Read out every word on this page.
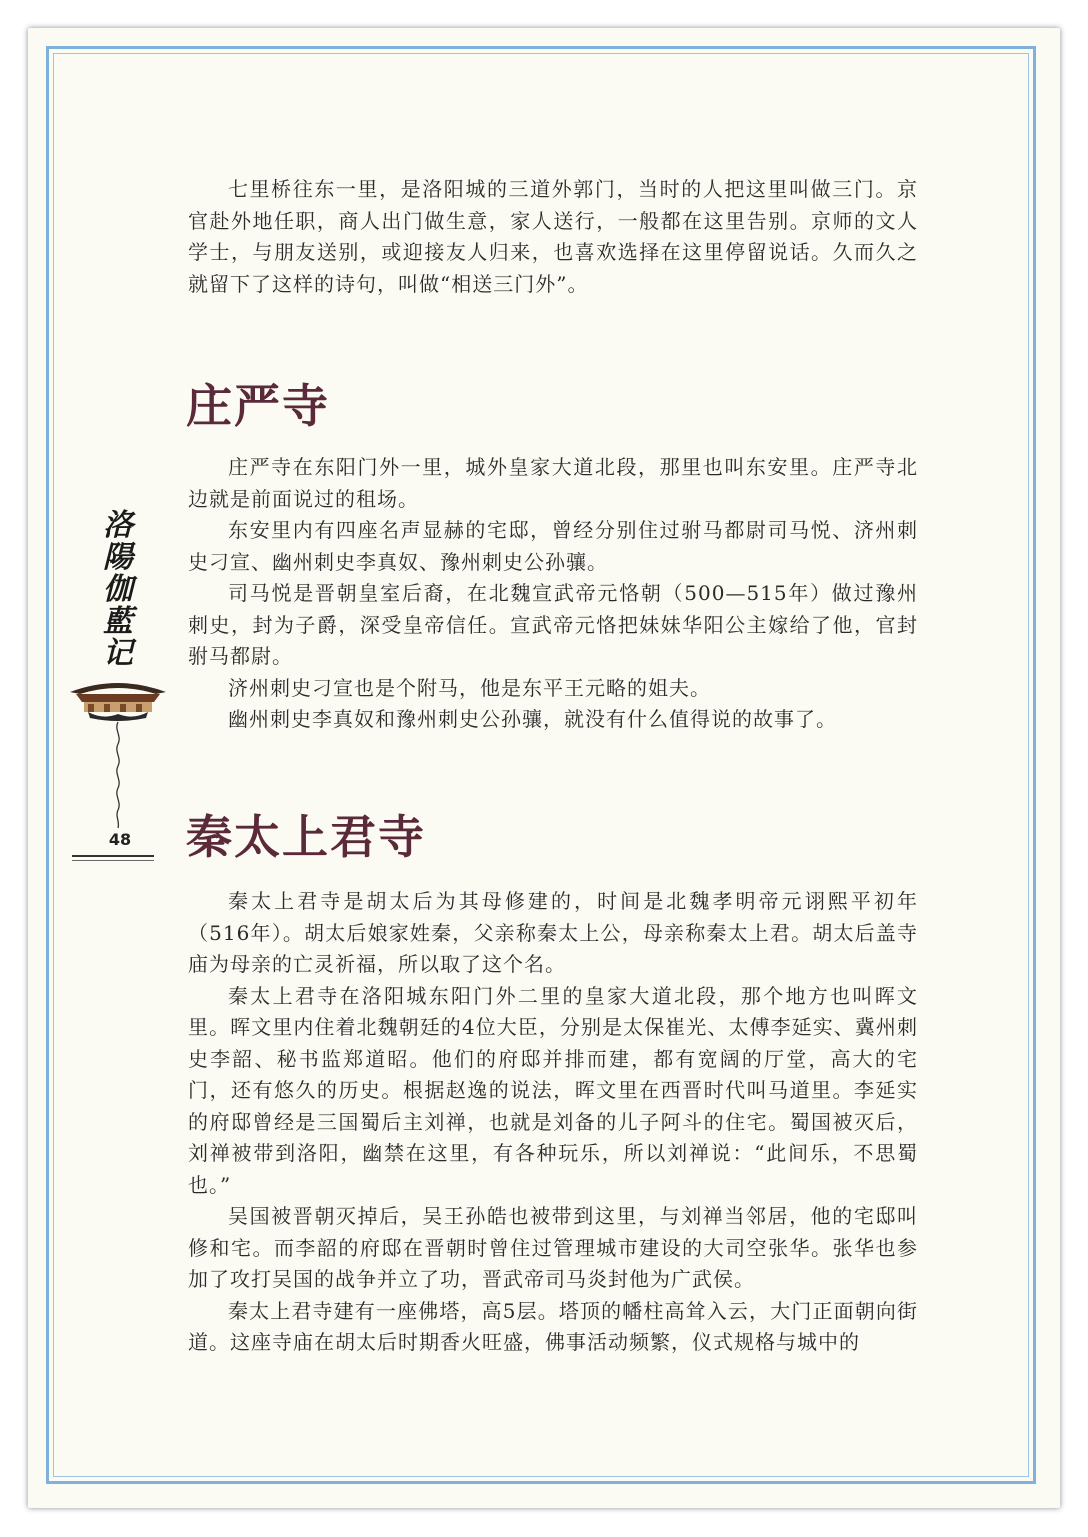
洛
陽
伽
藍
记
48

七里桥往东一里，是洛阳城的三道外郭门，当时的人把这里叫做三门。京官赴外地任职，商人出门做生意，家人送行，一般都在这里告别。京师的文人学士，与朋友送别，或迎接友人归来，也喜欢选择在这里停留说话。久而久之就留下了这样的诗句，叫做“相送三门外”。

庄严寺

庄严寺在东阳门外一里，城外皇家大道北段，那里也叫东安里。庄严寺北边就是前面说过的租场。

东安里内有四座名声显赫的宅邸，曾经分别住过驸马都尉司马悦、济州刺史刁宣、幽州刺史李真奴、豫州刺史公孙骧。

司马悦是晋朝皇室后裔，在北魏宣武帝元恪朝（500—515年）做过豫州刺史，封为子爵，深受皇帝信任。宣武帝元恪把妹妹华阳公主嫁给了他，官封驸马都尉。

济州刺史刁宣也是个附马，他是东平王元略的姐夫。

幽州刺史李真奴和豫州刺史公孙骧，就没有什么值得说的故事了。

秦太上君寺

秦太上君寺是胡太后为其母修建的，时间是北魏孝明帝元诩熙平初年（516年）。胡太后娘家姓秦，父亲称秦太上公，母亲称秦太上君。胡太后盖寺庙为母亲的亡灵祈福，所以取了这个名。

秦太上君寺在洛阳城东阳门外二里的皇家大道北段，那个地方也叫晖文里。晖文里内住着北魏朝廷的4位大臣，分别是太保崔光、太傅李延实、冀州刺史李韶、秘书监郑道昭。他们的府邸并排而建，都有宽阔的厅堂，高大的宅门，还有悠久的历史。根据赵逸的说法，晖文里在西晋时代叫马道里。李延实的府邸曾经是三国蜀后主刘禅，也就是刘备的儿子阿斗的住宅。蜀国被灭后，刘禅被带到洛阳，幽禁在这里，有各种玩乐，所以刘禅说：“此间乐，不思蜀也。”

吴国被晋朝灭掉后，吴王孙皓也被带到这里，与刘禅当邻居，他的宅邸叫修和宅。而李韶的府邸在晋朝时曾住过管理城市建设的大司空张华。张华也参加了攻打吴国的战争并立了功，晋武帝司马炎封他为广武侯。

秦太上君寺建有一座佛塔，高5层。塔顶的幡柱高耸入云，大门正面朝向街道。这座寺庙在胡太后时期香火旺盛，佛事活动频繁，仪式规格与城中的
